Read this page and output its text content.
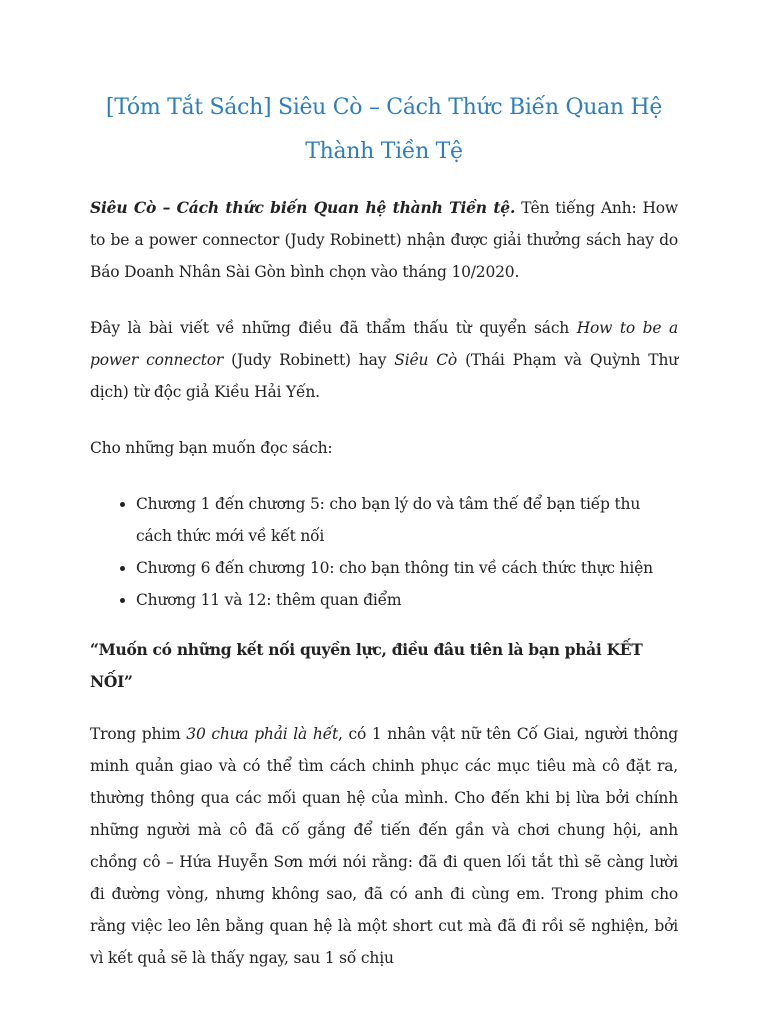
[Tóm Tắt Sách] Siêu Cò – Cách Thức Biến Quan Hệ
Thành Tiền Tệ

Siêu Cò – Cách thức biến Quan hệ thành Tiền tệ. Tên tiếng Anh: How to be a power connector (Judy Robinett) nhận được giải thưởng sách hay do Báo Doanh Nhân Sài Gòn bình chọn vào tháng 10/2020.

Đây là bài viết về những điều đã thẩm thấu từ quyển sách How to be a power connector (Judy Robinett) hay Siêu Cò (Thái Phạm và Quỳnh Thư dịch) từ độc giả Kiều Hải Yến.

Cho những bạn muốn đọc sách:

• Chương 1 đến chương 5: cho bạn lý do và tâm thế để bạn tiếp thu cách thức mới về kết nối
• Chương 6 đến chương 10: cho bạn thông tin về cách thức thực hiện
• Chương 11 và 12: thêm quan điểm
“Muốn có những kết nối quyền lực, điều đâu tiên là bạn phải KẾT NỐI”

Trong phim 30 chưa phải là hết, có 1 nhân vật nữ tên Cố Giai, người thông minh quản giao và có thể tìm cách chinh phục các mục tiêu mà cô đặt ra, thường thông qua các mối quan hệ của mình. Cho đến khi bị lừa bởi chính những người mà cô đã cố gắng để tiến đến gần và chơi chung hội, anh chồng cô – Hứa Huyễn Sơn mới nói rằng: đã đi quen lối tắt thì sẽ càng lười đi đường vòng, nhưng không sao, đã có anh đi cùng em. Trong phim cho rằng việc leo lên bằng quan hệ là một short cut mà đã đi rồi sẽ nghiện, bởi vì kết quả sẽ là thấy ngay, sau 1 số chịu
